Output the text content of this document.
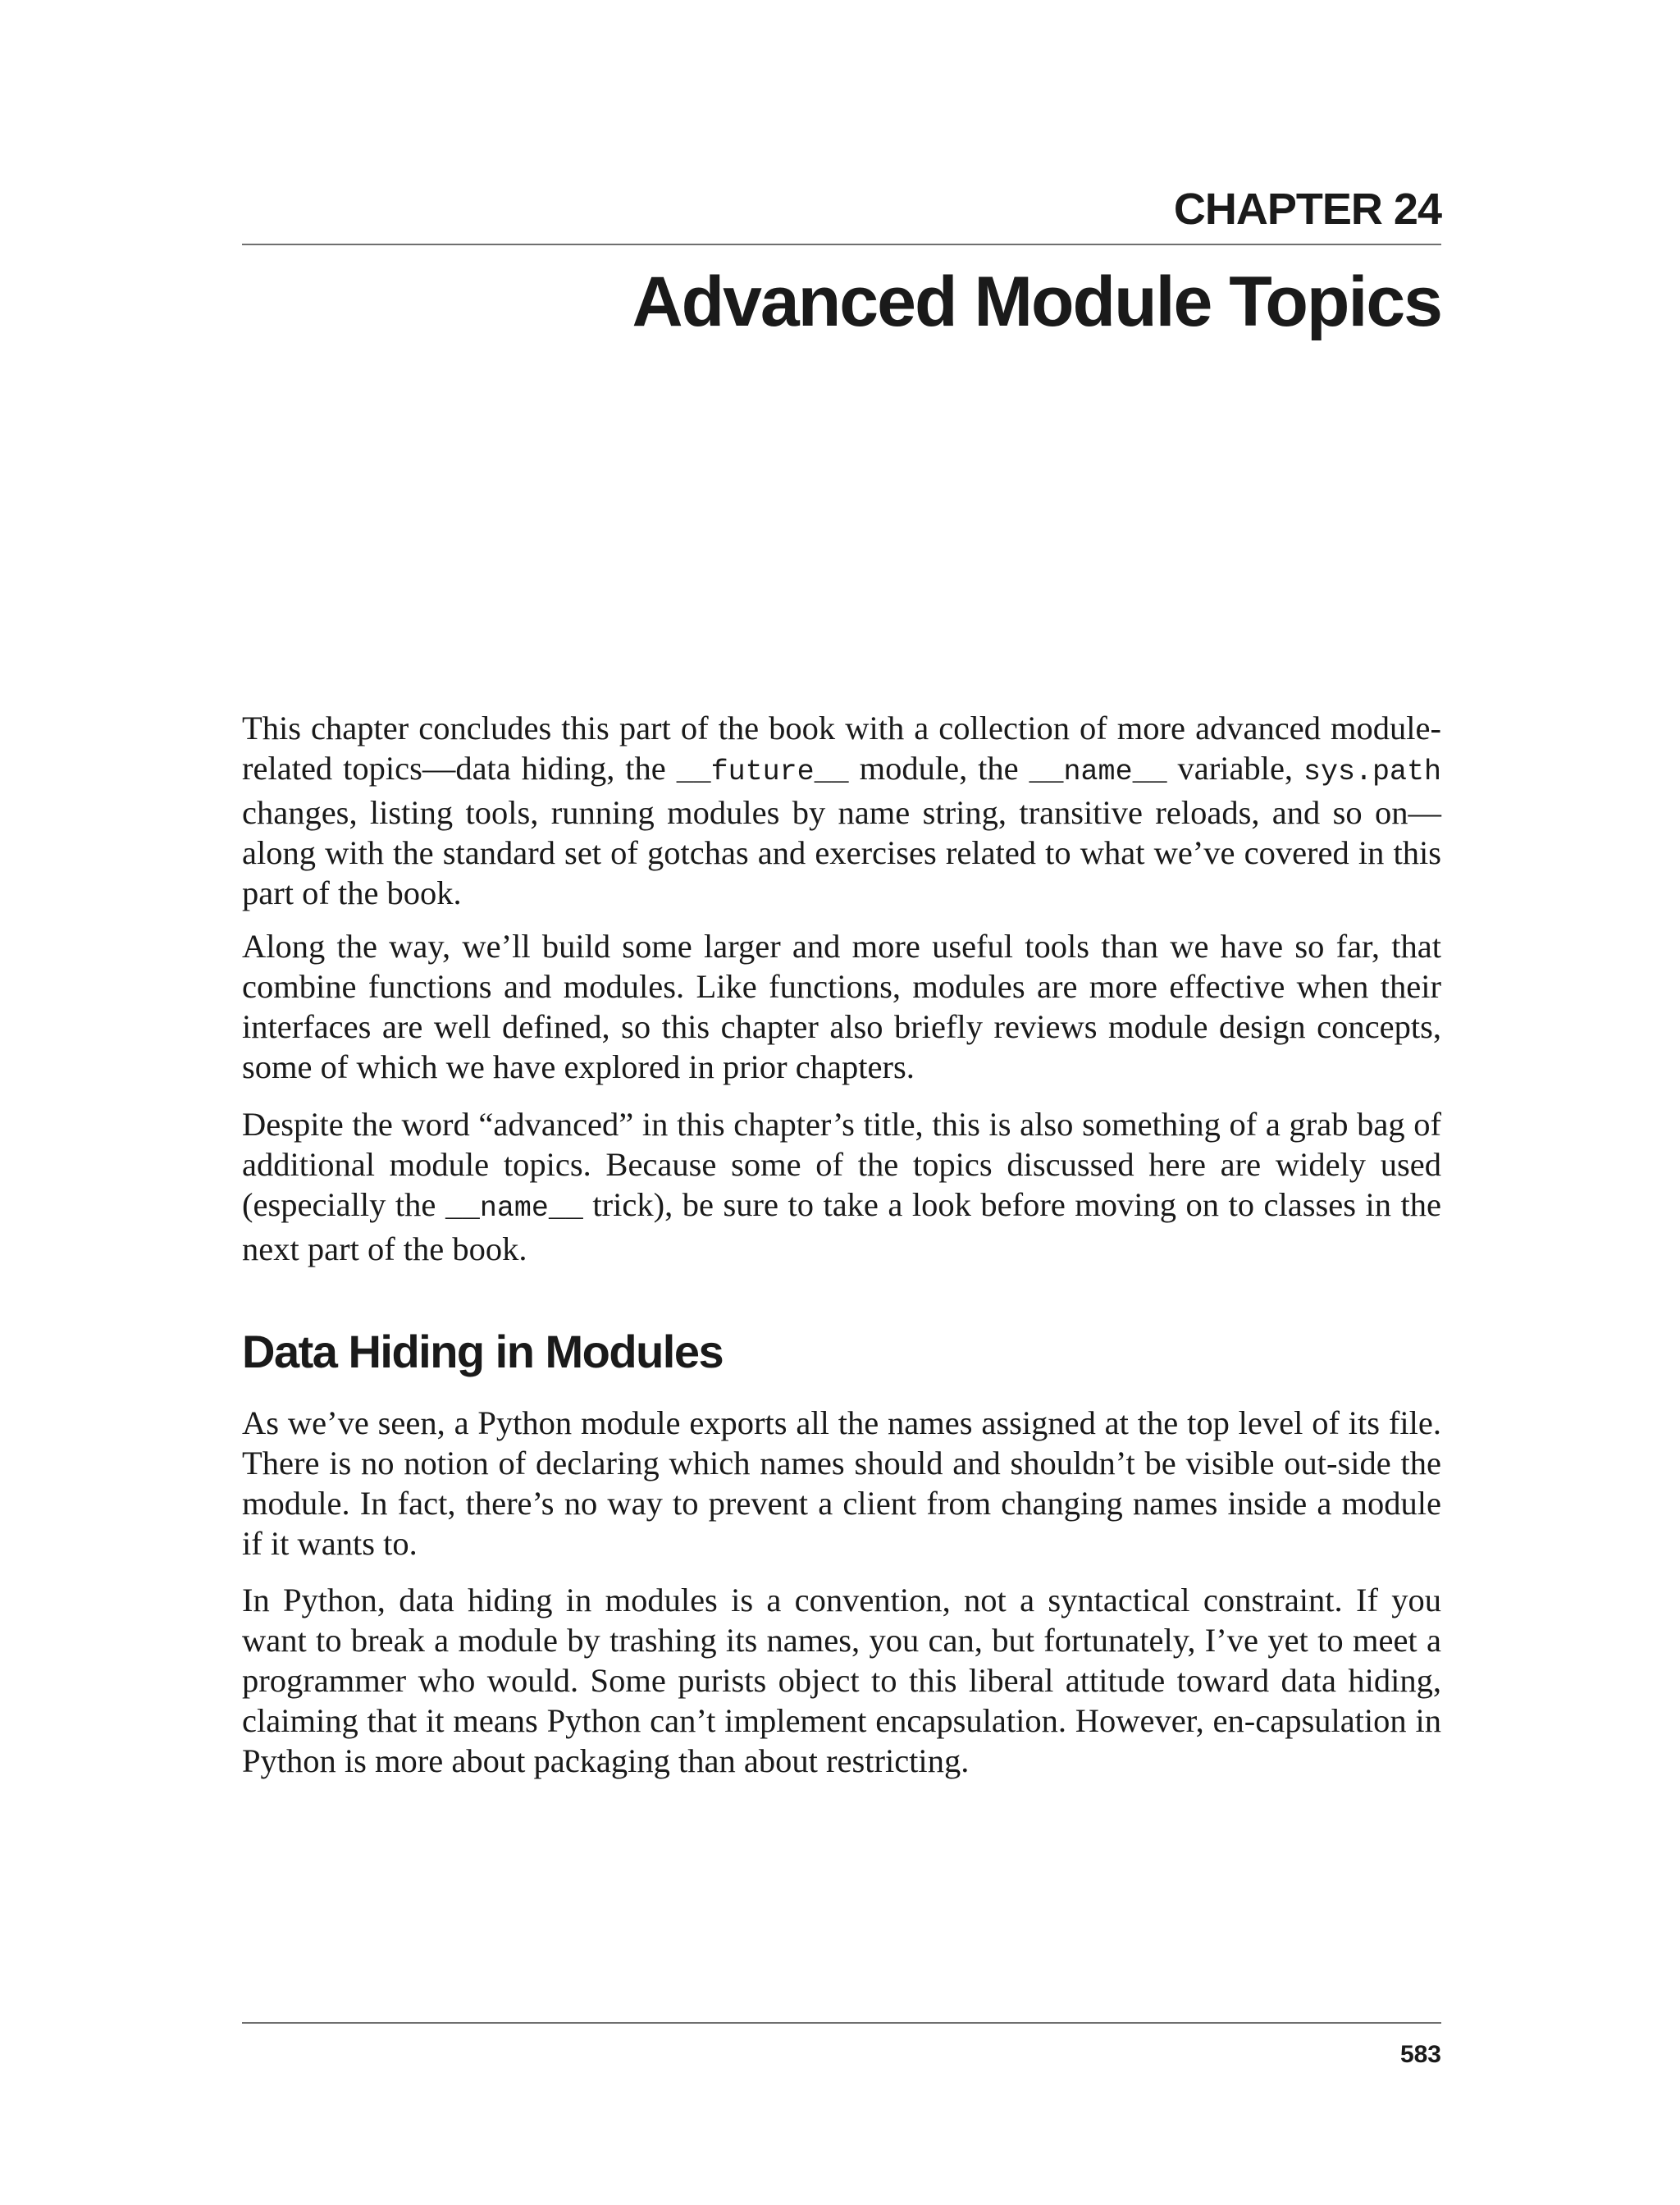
CHAPTER 24
Advanced Module Topics

This chapter concludes this part of the book with a collection of more advanced module-related topics—data hiding, the __future__ module, the __name__ variable, sys.path changes, listing tools, running modules by name string, transitive reloads, and so on—along with the standard set of gotchas and exercises related to what we’ve covered in this part of the book.

Along the way, we’ll build some larger and more useful tools than we have so far, that combine functions and modules. Like functions, modules are more effective when their interfaces are well defined, so this chapter also briefly reviews module design concepts, some of which we have explored in prior chapters.

Despite the word “advanced” in this chapter’s title, this is also something of a grab bag of additional module topics. Because some of the topics discussed here are widely used (especially the __name__ trick), be sure to take a look before moving on to classes in the next part of the book.

Data Hiding in Modules

As we’ve seen, a Python module exports all the names assigned at the top level of its file. There is no notion of declaring which names should and shouldn’t be visible out-side the module. In fact, there’s no way to prevent a client from changing names inside a module if it wants to.

In Python, data hiding in modules is a convention, not a syntactical constraint. If you want to break a module by trashing its names, you can, but fortunately, I’ve yet to meet a programmer who would. Some purists object to this liberal attitude toward data hiding, claiming that it means Python can’t implement encapsulation. However, en-capsulation in Python is more about packaging than about restricting.

583
